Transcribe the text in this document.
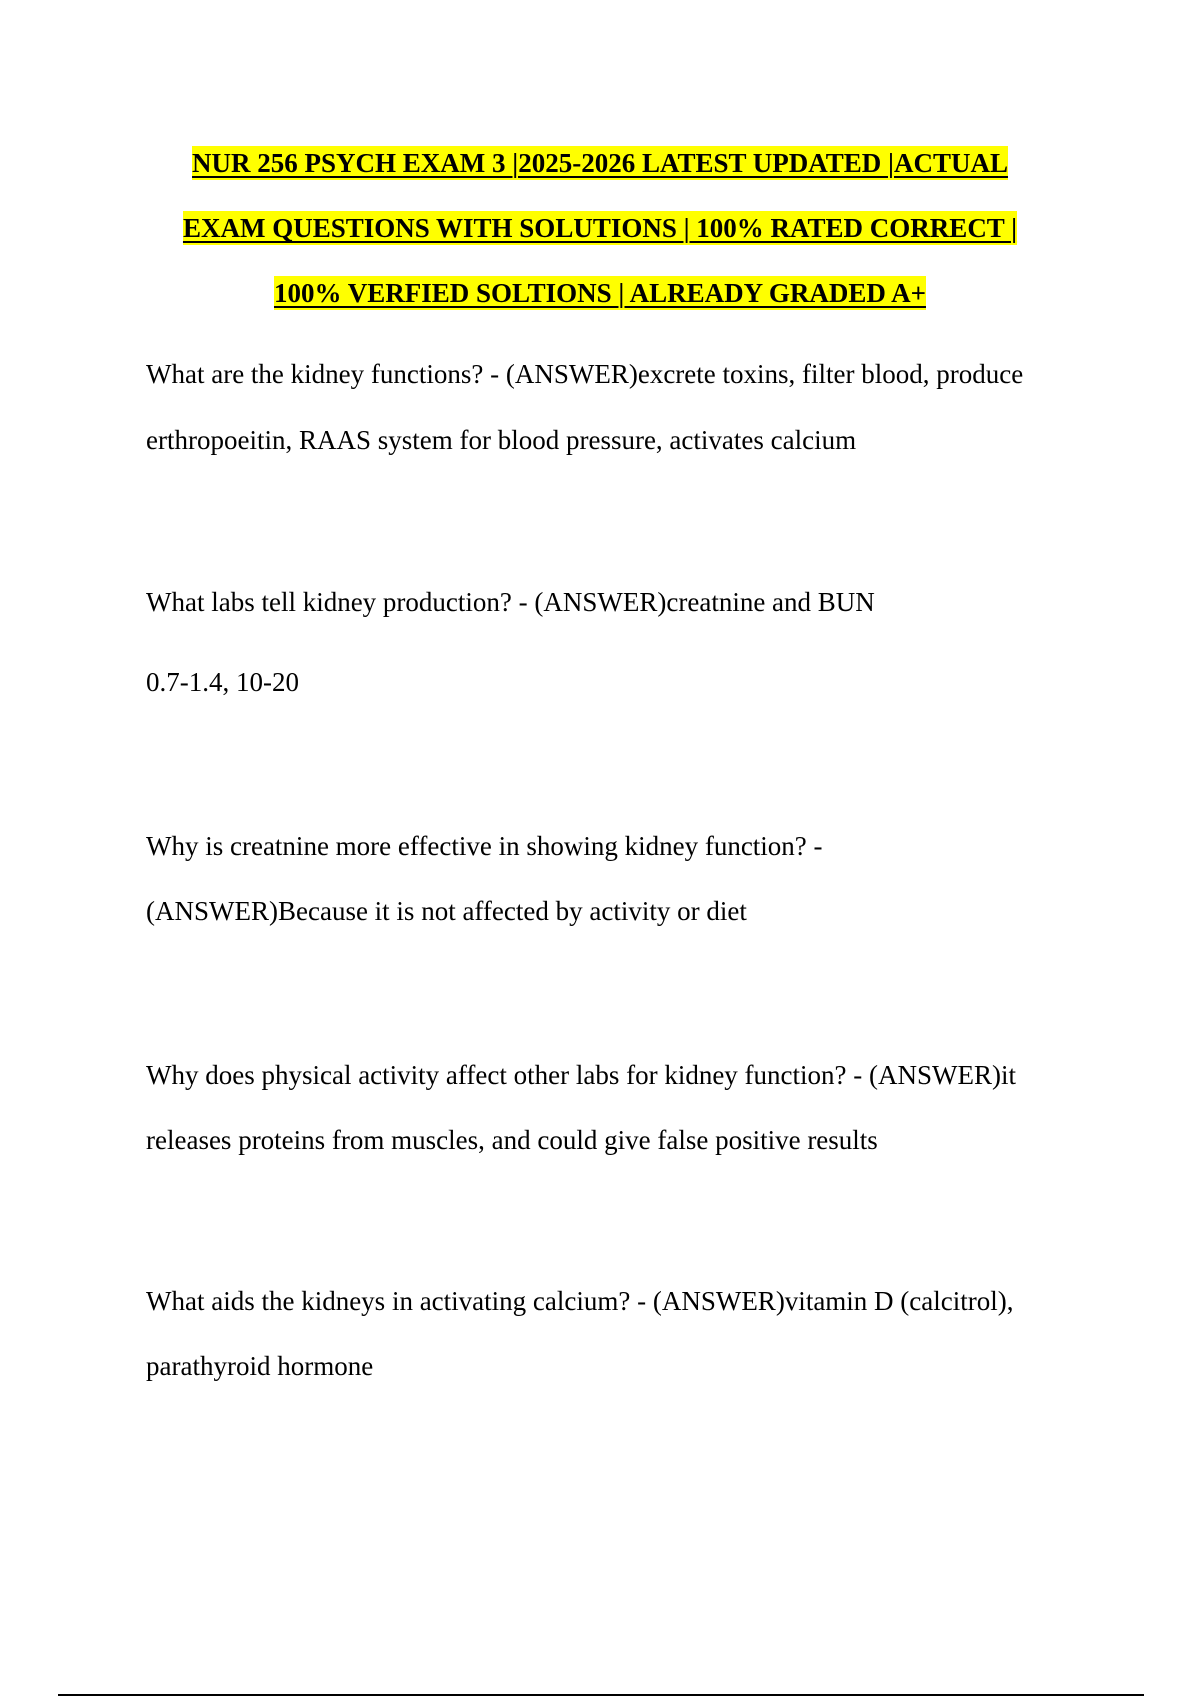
NUR 256 PSYCH EXAM 3 |2025-2026 LATEST UPDATED |ACTUAL
EXAM QUESTIONS WITH SOLUTIONS | 100% RATED CORRECT |
100% VERFIED SOLTIONS | ALREADY GRADED A+
What are the kidney functions? - (ANSWER)excrete toxins, filter blood, produce
erthropoeitin, RAAS system for blood pressure, activates calcium
What labs tell kidney production? - (ANSWER)creatnine and BUN
0.7-1.4, 10-20
Why is creatnine more effective in showing kidney function? -
(ANSWER)Because it is not affected by activity or diet
Why does physical activity affect other labs for kidney function? - (ANSWER)it
releases proteins from muscles, and could give false positive results
What aids the kidneys in activating calcium? - (ANSWER)vitamin D (calcitrol),
parathyroid hormone
